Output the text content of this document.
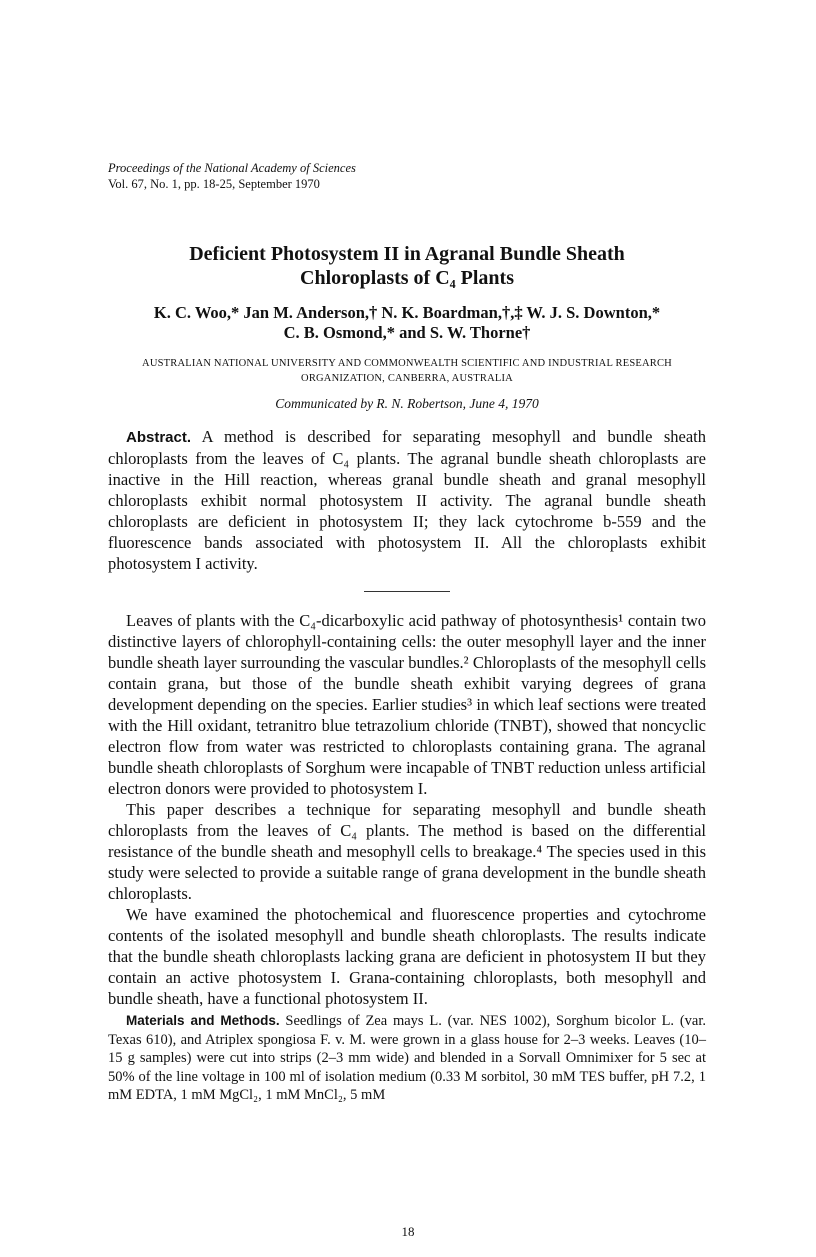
Proceedings of the National Academy of Sciences
Vol. 67, No. 1, pp. 18-25, September 1970
Deficient Photosystem II in Agranal Bundle Sheath
Chloroplasts of C₄ Plants
K. C. Woo,* Jan M. Anderson,† N. K. Boardman,†,‡ W. J. S. Downton,*
C. B. Osmond,* and S. W. Thorne†
AUSTRALIAN NATIONAL UNIVERSITY AND COMMONWEALTH SCIENTIFIC AND INDUSTRIAL RESEARCH
ORGANIZATION, CANBERRA, AUSTRALIA
Communicated by R. N. Robertson, June 4, 1970

Abstract. A method is described for separating mesophyll and bundle sheath chloroplasts from the leaves of C₄ plants. The agranal bundle sheath chloroplasts are inactive in the Hill reaction, whereas granal bundle sheath and granal mesophyll chloroplasts exhibit normal photosystem II activity. The agranal bundle sheath chloroplasts are deficient in photosystem II; they lack cytochrome b-559 and the fluorescence bands associated with photosystem II. All the chloroplasts exhibit photosystem I activity.

Leaves of plants with the C₄-dicarboxylic acid pathway of photosynthesis¹ contain two distinctive layers of chlorophyll-containing cells: the outer mesophyll layer and the inner bundle sheath layer surrounding the vascular bundles.² Chloroplasts of the mesophyll cells contain grana, but those of the bundle sheath exhibit varying degrees of grana development depending on the species. Earlier studies³ in which leaf sections were treated with the Hill oxidant, tetranitro blue tetrazolium chloride (TNBT), showed that noncyclic electron flow from water was restricted to chloroplasts containing grana. The agranal bundle sheath chloroplasts of Sorghum were incapable of TNBT reduction unless artificial electron donors were provided to photosystem I.

This paper describes a technique for separating mesophyll and bundle sheath chloroplasts from the leaves of C₄ plants. The method is based on the differential resistance of the bundle sheath and mesophyll cells to breakage.⁴ The species used in this study were selected to provide a suitable range of grana development in the bundle sheath chloroplasts.

We have examined the photochemical and fluorescence properties and cytochrome contents of the isolated mesophyll and bundle sheath chloroplasts. The results indicate that the bundle sheath chloroplasts lacking grana are deficient in photosystem II but they contain an active photosystem I. Grana-containing chloroplasts, both mesophyll and bundle sheath, have a functional photosystem II.

Materials and Methods. Seedlings of Zea mays L. (var. NES 1002), Sorghum bicolor L. (var. Texas 610), and Atriplex spongiosa F. v. M. were grown in a glass house for 2–3 weeks. Leaves (10–15 g samples) were cut into strips (2–3 mm wide) and blended in a Sorvall Omnimixer for 5 sec at 50% of the line voltage in 100 ml of isolation medium (0.33 M sorbitol, 30 mM TES buffer, pH 7.2, 1 mM EDTA, 1 mM MgCl₂, 1 mM MnCl₂, 5 mM

18
